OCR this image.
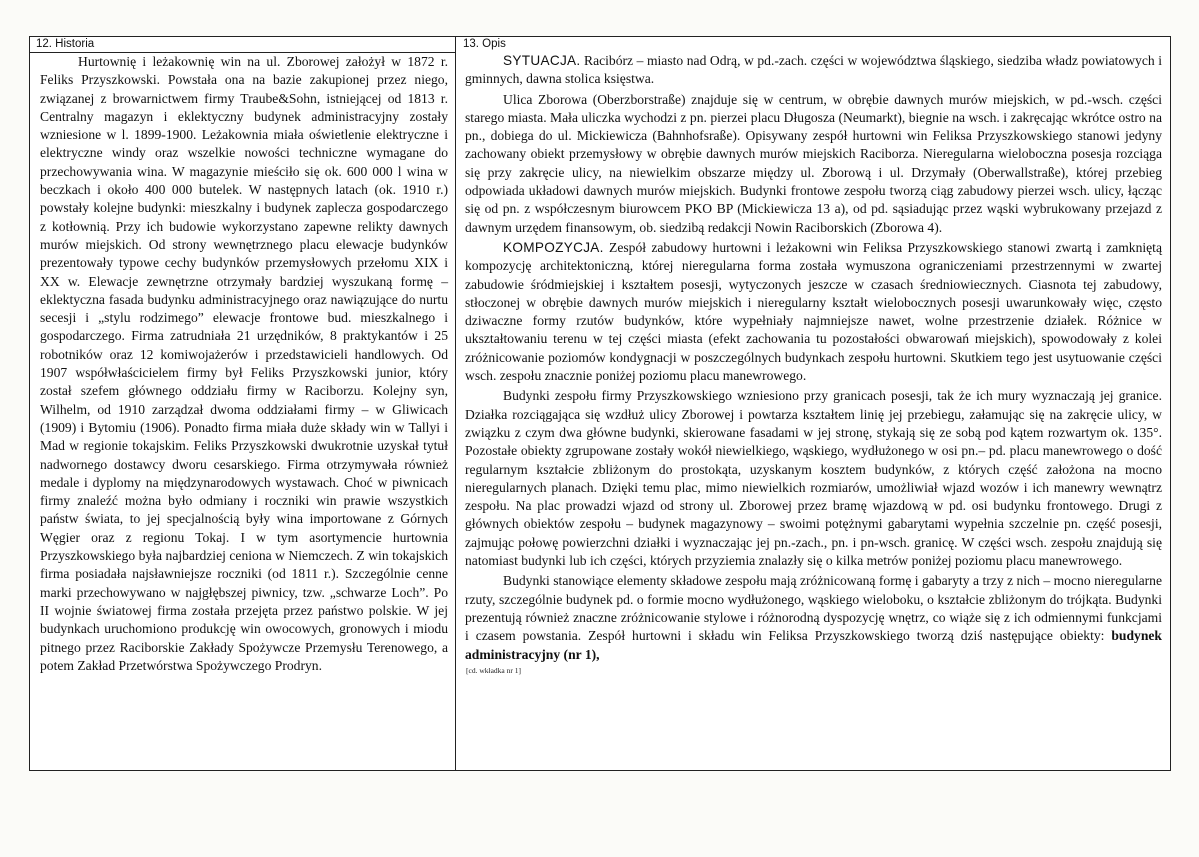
12. Historia

Hurtownię i leżakownię win na ul. Zborowej założył w 1872 r. Feliks Przyszkowski. Powstała ona na bazie zakupionej przez niego, związanej z browarnictwem firmy Traube&Sohn, istniejącej od 1813 r. Centralny magazyn i eklektyczny budynek administracyjny zostały wzniesione w l. 1899-1900. Leżakownia miała oświetlenie elektryczne i elektryczne windy oraz wszelkie nowości techniczne wymagane do przechowywania wina. W magazynie mieściło się ok. 600 000 l wina w beczkach i około 400 000 butelek. W następnych latach (ok. 1910 r.) powstały kolejne budynki: mieszkalny i budynek zaplecza gospodarczego z kotłownią. Przy ich budowie wykorzystano zapewne relikty dawnych murów miejskich. Od strony wewnętrznego placu elewacje budynków prezentowały typowe cechy budynków przemysłowych przełomu XIX i XX w. Elewacje zewnętrzne otrzymały bardziej wyszukaną formę – eklektyczna fasada budynku administracyjnego oraz nawiązujące do nurtu secesji i „stylu rodzimego” elewacje frontowe bud. mieszkalnego i gospodarczego. Firma zatrudniała 21 urzędników, 8 praktykantów i 25 robotników oraz 12 komiwojażerów i przedstawicieli handlowych. Od 1907 współwłaścicielem firmy był Feliks Przyszkowski junior, który został szefem głównego oddziału firmy w Raciborzu. Kolejny syn, Wilhelm, od 1910 zarządzał dwoma oddziałami firmy – w Gliwicach (1909) i Bytomiu (1906). Ponadto firma miała duże składy win w Tallyi i Mad w regionie tokajskim. Feliks Przyszkowski dwukrotnie uzyskał tytuł nadwornego dostawcy dworu cesarskiego. Firma otrzymywała również medale i dyplomy na międzynarodowych wystawach. Choć w piwnicach firmy znaleźć można było odmiany i roczniki win prawie wszystkich państw świata, to jej specjalnością były wina importowane z Górnych Węgier oraz z regionu Tokaj. I w tym asortymencie hurtownia Przyszkowskiego była najbardziej ceniona w Niemczech. Z win tokajskich firma posiadała najsławniejsze roczniki (od 1811 r.). Szczególnie cenne marki przechowywano w najgłębszej piwnicy, tzw. „schwarze Loch”. Po II wojnie światowej firma została przejęta przez państwo polskie. W jej budynkach uruchomiono produkcję win owocowych, gronowych i miodu pitnego przez Raciborskie Zakłady Spożywcze Przemysłu Terenowego, a potem Zakład Przetwórstwa Spożywczego Prodryn.

13. Opis

SYTUACJA. Racibórz – miasto nad Odrą, w pd.-zach. części w województwa śląskiego, siedziba władz powiatowych i gminnych, dawna stolica księstwa.

Ulica Zborowa (Oberzborstraße) znajduje się w centrum, w obrębie dawnych murów miejskich, w pd.-wsch. części starego miasta. Mała uliczka wychodzi z pn. pierzei placu Długosza (Neumarkt), biegnie na wsch. i zakręcając wkrótce ostro na pn., dobiega do ul. Mickiewicza (Bahnhofsraße). Opisywany zespół hurtowni win Feliksa Przyszkowskiego stanowi jedyny zachowany obiekt przemysłowy w obrębie dawnych murów miejskich Raciborza. Nieregularna wieloboczna posesja rozciąga się przy zakręcie ulicy, na niewielkim obszarze między ul. Zborową i ul. Drzymały (Oberwallstraße), której przebieg odpowiada układowi dawnych murów miejskich. Budynki frontowe zespołu tworzą ciąg zabudowy pierzei wsch. ulicy, łącząc się od pn. z współczesnym biurowcem PKO BP (Mickiewicza 13 a), od pd. sąsiadując przez wąski wybrukowany przejazd z dawnym urzędem finansowym, ob. siedzibą redakcji Nowin Raciborskich (Zborowa 4).

KOMPOZYCJA. Zespół zabudowy hurtowni i leżakowni win Feliksa Przyszkowskiego stanowi zwartą i zamkniętą kompozycję architektoniczną, której nieregularna forma została wymuszona ograniczeniami przestrzennymi w zwartej zabudowie śródmiejskiej i kształtem posesji, wytyczonych jeszcze w czasach średniowiecznych. Ciasnota tej zabudowy, stłoczonej w obrębie dawnych murów miejskich i nieregularny kształt wielobocznych posesji uwarunkowały więc, często dziwaczne formy rzutów budynków, które wypełniały najmniejsze nawet, wolne przestrzenie działek. Różnice w ukształtowaniu terenu w tej części miasta (efekt zachowania tu pozostałości obwarowań miejskich), spowodowały z kolei zróżnicowanie poziomów kondygnacji w poszczególnych budynkach zespołu hurtowni. Skutkiem tego jest usytuowanie części wsch. zespołu znacznie poniżej poziomu placu manewrowego.

Budynki zespołu firmy Przyszkowskiego wzniesiono przy granicach posesji, tak że ich mury wyznaczają jej granice. Działka rozciągająca się wzdłuż ulicy Zborowej i powtarza kształtem linię jej przebiegu, załamując się na zakręcie ulicy, w związku z czym dwa główne budynki, skierowane fasadami w jej stronę, stykają się ze sobą pod kątem rozwartym ok. 135°. Pozostałe obiekty zgrupowane zostały wokół niewielkiego, wąskiego, wydłużonego w osi pn.– pd. placu manewrowego o dość regularnym kształcie zbliżonym do prostokąta, uzyskanym kosztem budynków, z których część założona na mocno nieregularnych planach. Dzięki temu plac, mimo niewielkich rozmiarów, umożliwiał wjazd wozów i ich manewry wewnątrz zespołu. Na plac prowadzi wjazd od strony ul. Zborowej przez bramę wjazdową w pd. osi budynku frontowego. Drugi z głównych obiektów zespołu – budynek magazynowy – swoimi potężnymi gabarytami wypełnia szczelnie pn. część posesji, zajmując połowę powierzchni działki i wyznaczając jej pn.-zach., pn. i pn-wsch. granicę. W części wsch. zespołu znajdują się natomiast budynki lub ich części, których przyziemia znalazły się o kilka metrów poniżej poziomu placu manewrowego.

Budynki stanowiące elementy składowe zespołu mają zróżnicowaną formę i gabaryty a trzy z nich – mocno nieregularne rzuty, szczególnie budynek pd. o formie mocno wydłużonego, wąskiego wieloboku, o kształcie zbliżonym do trójkąta. Budynki prezentują również znaczne zróżnicowanie stylowe i różnorodną dyspozycję wnętrz, co wiąże się z ich odmiennymi funkcjami i czasem powstania. Zespół hurtowni i składu win Feliksa Przyszkowskiego tworzą dziś następujące obiekty: budynek administracyjny (nr 1),

[cd. wkładka nr 1]
